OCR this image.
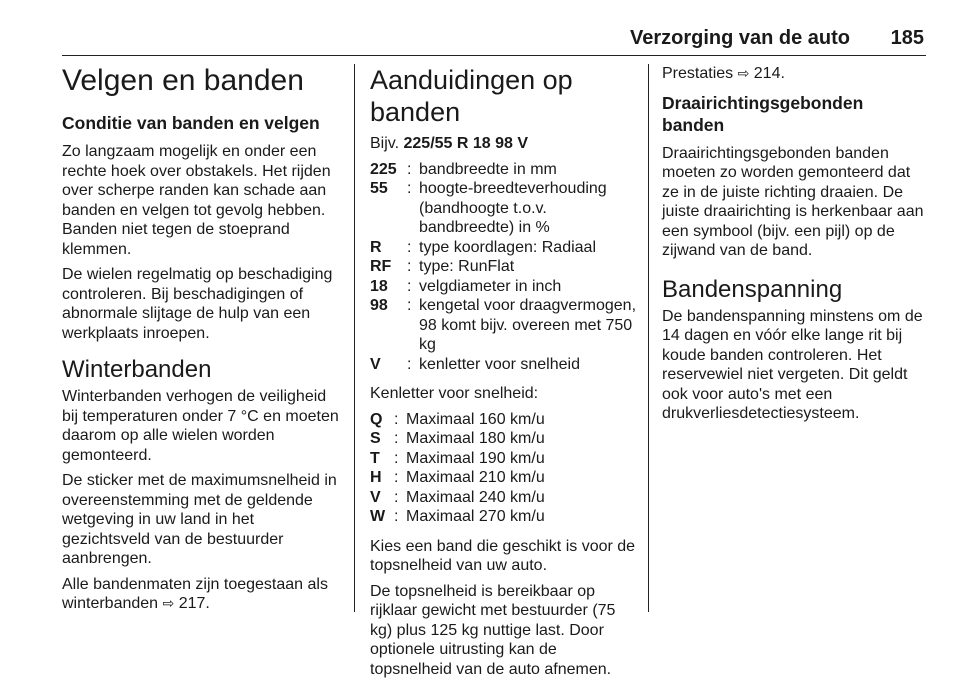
Verzorging van de auto 185
Velgen en banden
Conditie van banden en velgen

Zo langzaam mogelijk en onder een rechte hoek over obstakels. Het rijden over scherpe randen kan schade aan banden en velgen tot gevolg hebben. Banden niet tegen de stoeprand klemmen.

De wielen regelmatig op beschadiging controleren. Bij beschadigingen of abnormale slijtage de hulp van een werkplaats inroepen.

Winterbanden

Winterbanden verhogen de veiligheid bij temperaturen onder 7 °C en moeten daarom op alle wielen worden gemonteerd.

De sticker met de maximumsnelheid in overeenstemming met de geldende wetgeving in uw land in het gezichtsveld van de bestuurder aanbrengen.

Alle bandenmaten zijn toegestaan als winterbanden ⇨ 217.

Aanduidingen op banden
Bijv. 225/55 R 18 98 V
225 : bandbreedte in mm
55	: hoogte-breedteverhouding (bandhoogte t.o.v. bandbreedte) in %
R	: type koordlagen: Radiaal
RF : type: RunFlat
18	: velgdiameter in inch
98	: kengetal voor draagvermogen, 98 komt bijv. overeen met 750 kg
V	: kenletter voor snelheid

Kenletter voor snelheid:

Q : Maximaal 160 km/u
S : Maximaal 180 km/u
T : Maximaal 190 km/u
H : Maximaal 210 km/u
V : Maximaal 240 km/u
W : Maximaal 270 km/u

Kies een band die geschikt is voor de topsnelheid van uw auto.

De topsnelheid is bereikbaar op rijklaar gewicht met bestuurder (75 kg) plus 125 kg nuttige last. Door optionele uitrusting kan de topsnelheid van de auto afnemen.

Prestaties ⇨ 214.

Draairichtingsgebonden banden

Draairichtingsgebonden banden moeten zo worden gemonteerd dat ze in de juiste richting draaien. De juiste draairichting is herkenbaar aan een symbool (bijv. een pijl) op de zijwand van de band.

Bandenspanning

De bandenspanning minstens om de 14 dagen en vóór elke lange rit bij koude banden controleren. Het reservewiel niet vergeten. Dit geldt ook voor auto's met een drukverliesdetectiesysteem.
